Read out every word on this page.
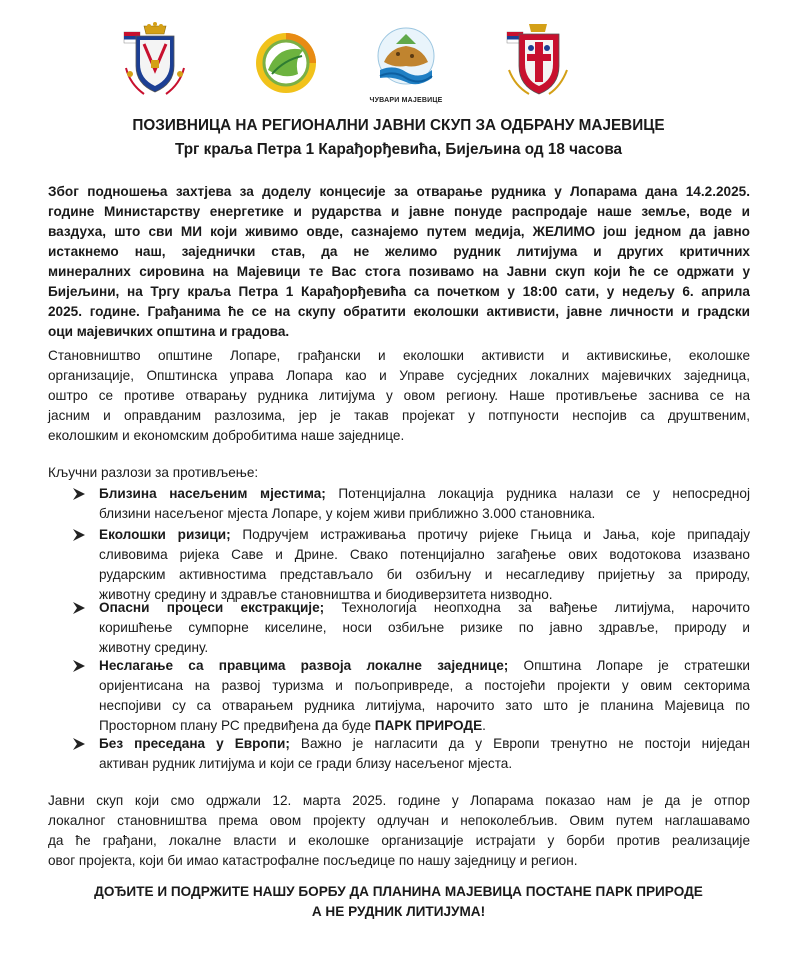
ЧУВАРИ МАЈЕВИЦЕ
ПОЗИВНИЦА НА РЕГИОНАЛНИ ЈАВНИ СКУП ЗА ОДБРАНУ МАЈЕВИЦЕ
Трг краља Петра 1 Карађорђевића, Бијељина од 18 часова
Због подношења захтјева за доделу концесије за отварање рудника у Лопарама дана 14.2.2025.
године Министарству енергетике и рударства и јавне понуде распродаје наше земље, воде и
ваздуха, што сви МИ који живимо овде, сазнајемо путем медија, ЖЕЛИМО још једном да јавно
истакнемо наш, заједнички став, да не желимо рудник литијума и других критичних
минералних сировина на Мајевици те Вас стога позивамо на Јавни скуп који ће се одржати у
Бијељини, на Тргу краља Петра 1 Карађорђевића са почетком у 18:00 сати, у недељу 6. априла
2025. године. Грађанима ће се на скупу обратити еколошки активисти, јавне личности и градски
оци мајевичких општина и градова.
Становништво општине Лопаре, грађански и еколошки активисти и активискиње, еколошке
организације, Општинска управа Лопара као и Управе сусједних локалних мајевичких заједница,
оштро се противе отварању рудника литијума у овом региону. Наше противљење заснива се на
јасним и оправданим разлозима, јер је такав пројекат у потпуности неспојив са друштвеним,
еколошким и економским добробитима наше заједнице.
Кључни разлози за противљење:
Близина насељеним мјестима; Потенцијална локација рудника налази се у непосредној
близини насељеног мјеста Лопаре, у којем живи приближно 3.000 становника.
Еколошки ризици; Подручјем истраживања протичу ријеке Гњица и Јања, које припадају
сливовима ријека Саве и Дрине. Свако потенцијално загађење ових водотокова изазвано
рударским активностима представљало би озбиљну и несагледиву пријетњу за природу,
животну средину и здравље становништва и биодиверзитета низводно.
Опасни процеси екстракције; Технологија неопходна за вађење литијума, нарочито
коришћење сумпорне киселине, носи озбиљне ризике по јавно здравље, природу и
животну средину.
Неслагање са правцима развоја локалне заједнице; Општина Лопаре је стратешки
оријентисана на развој туризма и пољопривреде, а постојећи пројекти у овим секторима
неспојиви су са отварањем рудника литијума, нарочито зато што је планина Мајевица по
Просторном плану РС предвиђена да буде ПАРК ПРИРОДЕ.
Без преседана у Европи; Важно је нагласити да у Европи тренутно не постоји ниједан
активан рудник литијума и који се гради близу насељеног мјеста.
Јавни скуп који смо одржали 12. марта 2025. године у Лопарама показао нам је да је отпор
локалног становништва према овом пројекту одлучан и непоколебљив. Овим путем наглашавамо
да ће грађани, локалне власти и еколошке организације истрајати у борби против реализације
овог пројекта, који би имао катастрофалне посљедице по нашу заједницу и регион.
ДОЂИТЕ И ПОДРЖИТЕ НАШУ БОРБУ ДА ПЛАНИНА МАЈЕВИЦА ПОСТАНЕ ПАРК ПРИРОДЕ
А НЕ РУДНИК ЛИТИЈУМА!
